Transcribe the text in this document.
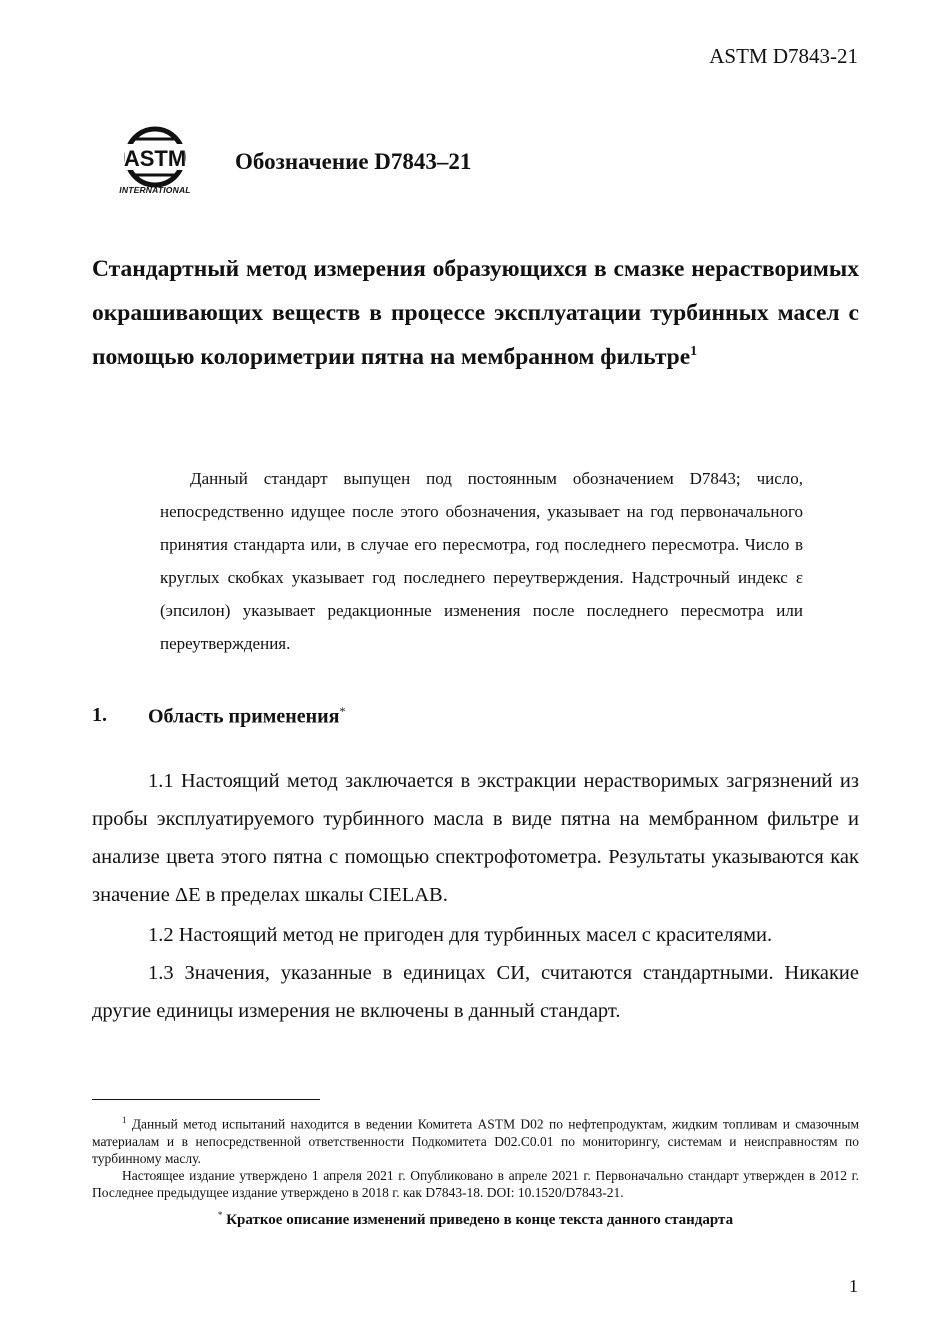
ASTM D7843-21
ASTM
INTERNATIONAL
Обозначение D7843–21
Стандартный метод измерения образующихся в смазке нерастворимых окрашивающих веществ в процессе эксплуатации турбинных масел с помощью колориметрии пятна на мембранном фильтре$^1$
Данный стандарт выпущен под постоянным обозначением D7843; число, непосредственно идущее после этого обозначения, указывает на год первоначального принятия стандарта или, в случае его пересмотра, год последнего пересмотра. Число в круглых скобках указывает год последнего переутверждения. Надстрочный индекс ε (эпсилон) указывает редакционные изменения после последнего пересмотра или переутверждения.
1. Область применения*
1.1 Настоящий метод заключается в экстракции нерастворимых загрязнений из пробы эксплуатируемого турбинного масла в виде пятна на мембранном фильтре и анализе цвета этого пятна с помощью спектрофотометра. Результаты указываются как значение ΔE в пределах шкалы CIELAB.
1.2 Настоящий метод не пригоден для турбинных масел с красителями.
1.3 Значения, указанные в единицах СИ, считаются стандартными. Никакие другие единицы измерения не включены в данный стандарт.
$^1$ Данный метод испытаний находится в ведении Комитета ASTM D02 по нефтепродуктам, жидким топливам и смазочным материалам и в непосредственной ответственности Подкомитета D02.C0.01 по мониторингу, системам и неисправностям по турбинному маслу.
Настоящее издание утверждено 1 апреля 2021 г. Опубликовано в апреле 2021 г. Первоначально стандарт утвержден в 2012 г. Последнее предыдущее издание утверждено в 2018 г. как D7843-18. DOI: 10.1520/D7843-21.
* Краткое описание изменений приведено в конце текста данного стандарта
1
